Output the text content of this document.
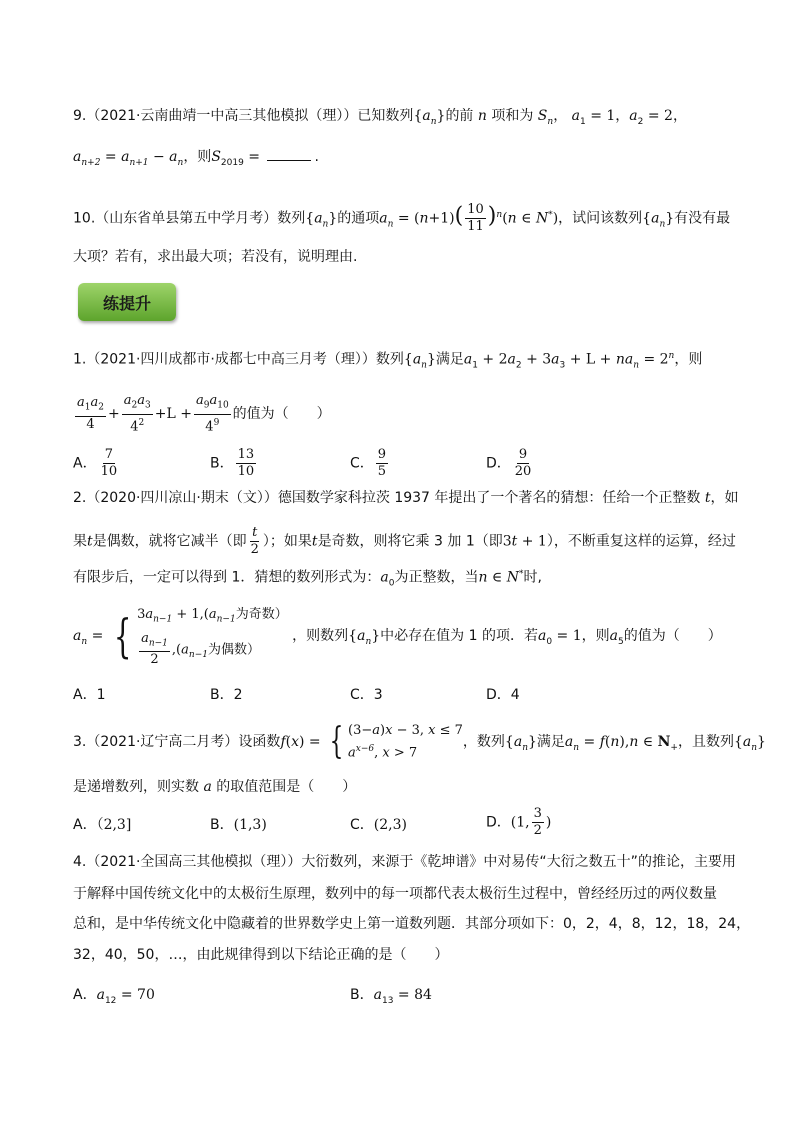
9.（2021·云南曲靖一中高三其他模拟（理））已知数列$\{a_n\}$的前 n 项和为 $S_n$， $a_1 = 1$，$a_2 = 2$，
$a_{n+2} = a_{n+1} - a_n$，则$S_{2019}$ =	.
10.（山东省单县第五中学月考）数列$\{a_n\}$的通项$a_n = (n+1)( \frac{10}{11} )^n(n$ ∈ N*)，试问该数列$\{a_n\}$有没有最
大项？若有，求出最大项；若没有，说明理由.
练提升
1.（2021·四川成都市·成都七中高三月考（理））数列$\{a_n\}$满足$a_1 + 2a_2 + 3a_3 + L + na_n = 2^n$，则
$\frac{a_1a_2}{4} + \frac{a_2a_3}{4^2} +L + \frac{a_9a_{10}}{4^9}$ 的值为（　　）
A． $\frac{7}{10}$	B． $\frac{13}{10}$	C． $\frac{9}{5}$	D． $\frac{9}{20}$
2.（2020·四川凉山·期末（文））德国数学家科拉茨 1937 年提出了一个著名的猜想：任给一个正整数 t，如
果t是偶数，就将它减半（即 $\frac{t}{2}$ ）；如果t是奇数，则将它乘 3 加 1（即3t + 1），不断重复这样的运算，经过
有限步后，一定可以得到 1．猜想的数列形式为：$a_0$为正整数，当n ∈ N*时,
$a_n$ = { $3a_{n-1} + 1,(a_{n-1}$为奇数）
$\frac{a_{n-1}}{2} ,(a_{n-1}$为偶数）
，则数列$\{a_n\}$中必存在值为 1 的项．若$a_0 = 1$，则$a_5$的值为（　　）
A．1	B．2	C．3	D．4
3.（2021·辽宁高二月考）设函数f(x) = { (3−a)x − 3, x ≤ 7
$a^{x-6}$, x > 7
，数列$\{a_n\}$满足$a_n = f(n),n$ ∈ $N_+$，且数列$\{a_n\}$
是递增数列，则实数 a 的取值范围是（　　）
A．（2,3]	B．(1,3)	C．(2,3)	D．(1, $\frac{3}{2}$ )
4.（2021·全国高三其他模拟（理））大衍数列，来源于《乾坤谱》中对易传“大衍之数五十”的推论，主要用
于解释中国传统文化中的太极衍生原理，数列中的每一项都代表太极衍生过程中，曾经经历过的两仪数量
总和，是中华传统文化中隐藏着的世界数学史上第一道数列题．其部分项如下：0，2，4，8，12，18，24，
32，40，50，…，由此规律得到以下结论正确的是（　　）
A．$a_{12} = 70$	B．$a_{13} = 84$
